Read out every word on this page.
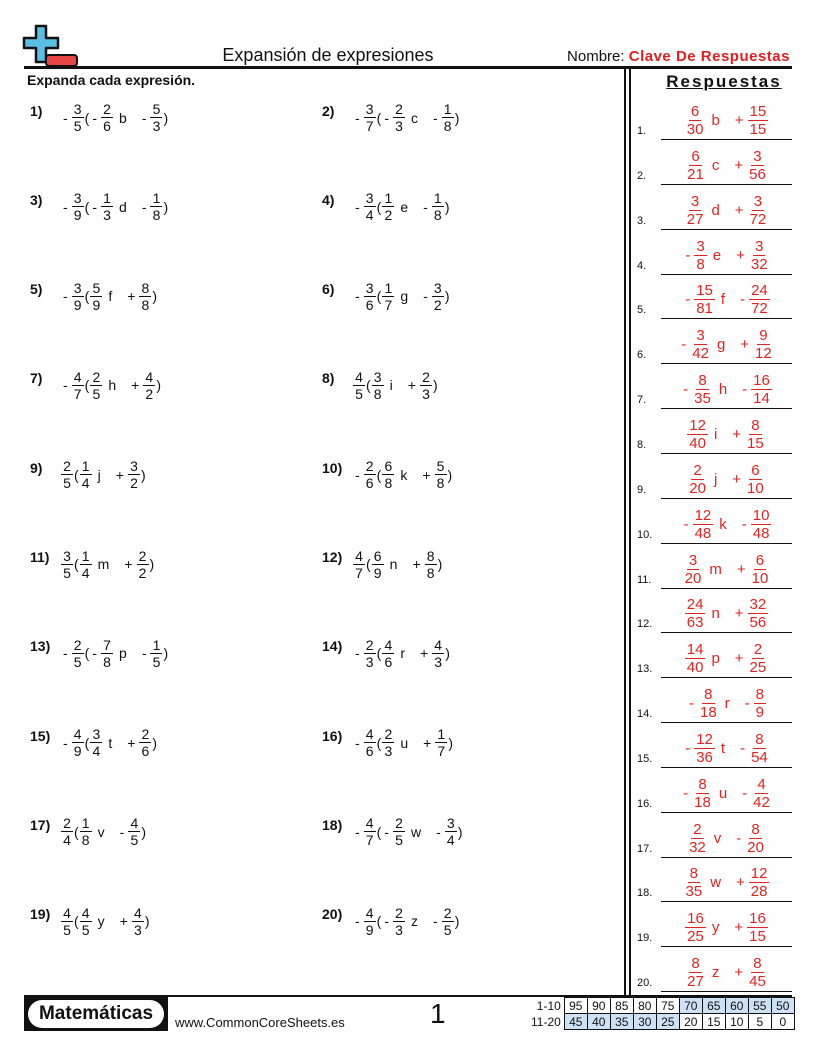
Expansión de expresiones	Nombre: Clave De Respuestas
Expanda cada expresión.	Respuestas
1)	- $\frac{3}{5}$ ( - $\frac{2}{6}$ b - $\frac{5}{3}$ )	2)	- $\frac{3}{7}$ ( - $\frac{2}{3}$ c - $\frac{1}{8}$ )
3)	- $\frac{3}{9}$ ( - $\frac{1}{3}$ d - $\frac{1}{8}$ )	4)	- $\frac{3}{4}$ ( $\frac{1}{2}$ e - $\frac{1}{8}$ )
5)	- $\frac{3}{9}$ ( $\frac{5}{9}$ $f + \frac{8}{8}$ )	6)	- $\frac{3}{6}$ ( $\frac{1}{7}$ g - $\frac{3}{2}$ )
7)	- $\frac{4}{7}$ ( $\frac{2}{5}$ $h + \frac{4}{2}$ )	8)	$\frac{4}{5}$ ( $\frac{3}{8}$ $i + \frac{2}{3}$ )
9)	$\frac{2}{5}$ ( $\frac{1}{4}$ $j + \frac{3}{2}$ )	$10) - \frac{2}{6}$ ( $\frac{6}{8}$ $k + \frac{5}{8}$ )
$11) \frac{3}{5}$ ( $\frac{1}{4}$ $m + \frac{2}{2}$ )	$12) \frac{4}{7}$ ( $\frac{6}{9}$ $n + \frac{8}{8}$ )
$13) - \frac{2}{5}$ ( - $\frac{7}{8}$ p - $\frac{1}{5}$ )	$14) - \frac{2}{3}$ ( $\frac{4}{6}$ $r + \frac{4}{3}$ )
$15) - \frac{4}{9}$ ( $\frac{3}{4}$ $t + \frac{2}{6}$ )	$16) - \frac{4}{6}$ ( $\frac{2}{3}$ $u + \frac{1}{7}$ )
$17) \frac{2}{4}$ ( $\frac{1}{8}$ v - $\frac{4}{5}$ )	$18) - \frac{4}{7}$ ( - $\frac{2}{5}$ w - $\frac{3}{4}$ )
$19) \frac{4}{5}$ ( $\frac{4}{5}$ $y + \frac{4}{3}$ )	$20) - \frac{4}{9}$ ( - $\frac{2}{3}$ z - $\frac{2}{5}$ )
1.	$\frac{6}{30}$ $b + \frac{15}{15}$
2.	$\frac{6}{21}$ $c + \frac{3}{56}$
3.	$\frac{3}{27}$ $d + \frac{3}{72}$
4.
- $\frac{3}{8}$ $e + \frac{3}{32}$
5.
- $\frac{15}{81}$ f - $\frac{24}{72}$
6.
- $\frac{3}{42}$ $g + \frac{9}{12}$
7.
- $\frac{8}{35}$ h - $\frac{16}{14}$
8.	$\frac{12}{40}$ $i + \frac{8}{15}$
9.	$\frac{2}{20}$ $j + \frac{6}{10}$
10.
- $\frac{12}{48}$ k - $\frac{10}{48}$
11. $\frac{3}{20}$ $m + \frac{6}{10}$
12. $\frac{24}{63}$ $n + \frac{32}{56}$
13. $\frac{14}{40}$ $p + \frac{2}{25}$
14.
- $\frac{8}{18}$ r - $\frac{8}{9}$
15.
- $\frac{12}{36}$ t - $\frac{8}{54}$
16.
- $\frac{8}{18}$ u - $\frac{4}{42}$
17. $\frac{2}{32}$ v - $\frac{8}{20}$
18. $\frac{8}{35}$ $w + \frac{12}{28}$
19. $\frac{16}{25}$ $y + \frac{16}{15}$
20. $\frac{8}{27}$ $z + \frac{8}{45}$
Matemáticas	www.CommonCoreSheets.es	1	1-10	95	90	85	80	75	70	65	60	55	50
11-20	45	40	35	30	25	20	15	10	5	0
